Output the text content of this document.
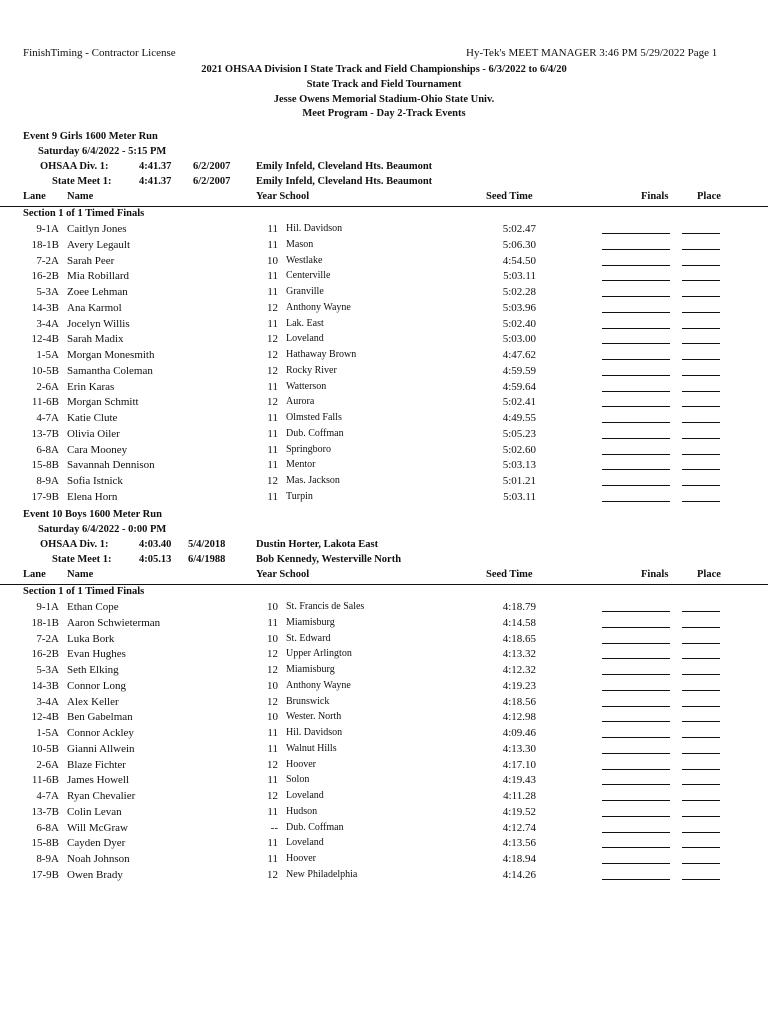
FinishTiming - Contractor License	Hy-Tek's MEET MANAGER 3:46 PM 5/29/2022 Page 1
2021 OHSAA Division I State Track and Field Championships - 6/3/2022 to 6/4/20
State Track and Field Tournament
Jesse Owens Memorial Stadium-Ohio State Univ.
Meet Program - Day 2-Track Events
Event 9 Girls 1600 Meter Run
Saturday 6/4/2022 - 5:15 PM
OHSAA Div. 1:	4:41.37 6/2/2007 Emily Infeld, Cleveland Hts. Beaumont
State Meet 1:	4:41.37 6/2/2007 Emily Infeld, Cleveland Hts. Beaumont
Lane Name	Year School	Seed Time	Finals	Place
Section 1 of 1 Timed Finals
9-1A Caitlyn Jones	11 Hil. Davidson	5:02.47
18-1B Avery Legault	11 Mason	5:06.30
7-2A Sarah Peer	10 Westlake	4:54.50
16-2B Mia Robillard	11 Centerville	5:03.11
5-3A Zoee Lehman	11 Granville	5:02.28
14-3B Ana Karmol	12 Anthony Wayne	5:03.96
3-4A Jocelyn Willis	11 Lak. East	5:02.40
12-4B Sarah Madix	12 Loveland	5:03.00
1-5A Morgan Monesmith	12 Hathaway Brown	4:47.62
10-5B Samantha Coleman	12 Rocky River	4:59.59
2-6A Erin Karas	11 Watterson	4:59.64
11-6B Morgan Schmitt	12 Aurora	5:02.41
4-7A Katie Clute	11 Olmsted Falls	4:49.55
13-7B Olivia Oiler	11 Dub. Coffman	5:05.23
6-8A Cara Mooney	11 Springboro	5:02.60
15-8B Savannah Dennison	11 Mentor	5:03.13
8-9A Sofia Istnick	12 Mas. Jackson	5:01.21
17-9B Elena Horn	11 Turpin	5:03.11
Event 10 Boys 1600 Meter Run
Saturday 6/4/2022 - 0:00 PM
OHSAA Div. 1:	4:03.40 5/4/2018	Dustin Horter, Lakota East
State Meet 1:	4:05.13 6/4/1988	Bob Kennedy, Westerville North
Lane Name	Year School	Seed Time	Finals	Place
Section 1 of 1 Timed Finals
9-1A Ethan Cope	10 St. Francis de Sales	4:18.79
18-1B Aaron Schwieterman	11 Miamisburg	4:14.58
7-2A Luka Bork	10 St. Edward	4:18.65
16-2B Evan Hughes	12 Upper Arlington	4:13.32
5-3A Seth Elking	12 Miamisburg	4:12.32
14-3B Connor Long	10 Anthony Wayne	4:19.23
3-4A Alex Keller	12 Brunswick	4:18.56
12-4B Ben Gabelman	10 Wester. North	4:12.98
1-5A Connor Ackley	11 Hil. Davidson	4:09.46
10-5B Gianni Allwein	11 Walnut Hills	4:13.30
2-6A Blaze Fichter	12 Hoover	4:17.10
11-6B James Howell	11 Solon	4:19.43
4-7A Ryan Chevalier	12 Loveland	4:11.28
13-7B Colin Levan	11 Hudson	4:19.52
6-8A Will McGraw	-- Dub. Coffman	4:12.74
15-8B Cayden Dyer	11 Loveland	4:13.56
8-9A Noah Johnson	11 Hoover	4:18.94
17-9B Owen Brady	12 New Philadelphia	4:14.26
